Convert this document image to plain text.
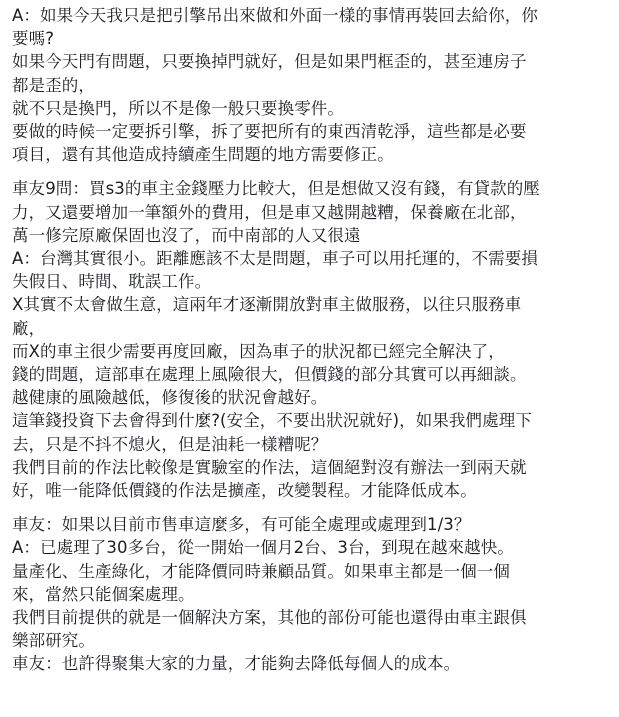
A：如果今天我只是把引擎吊出來做和外面一樣的事情再裝回去給你，你
要嗎?
如果今天門有問題，只要換掉門就好，但是如果門框歪的，甚至連房子
都是歪的，
就不只是換門，所以不是像一般只要換零件。
要做的時候一定要拆引擎，拆了要把所有的東西清乾淨，這些都是必要
項目，還有其他造成持續產生問題的地方需要修正。
車友9問：買s3的車主金錢壓力比較大，但是想做又沒有錢，有貸款的壓
力，又還要增加一筆額外的費用，但是車又越開越糟，保養廠在北部，
萬一修完原廠保固也沒了，而中南部的人又很遠
A：台灣其實很小。距離應該不太是問題，車子可以用托運的，不需要損
失假日、時間、耽誤工作。
X其實不太會做生意，這兩年才逐漸開放對車主做服務，以往只服務車
廠，
而X的車主很少需要再度回廠，因為車子的狀況都已經完全解決了，
錢的問題，這部車在處理上風險很大，但價錢的部分其實可以再細談。
越健康的風險越低，修復後的狀況會越好。
這筆錢投資下去會得到什麼?(安全，不要出狀況就好)，如果我們處理下
去，只是不抖不熄火，但是油耗一樣糟呢？
我們目前的作法比較像是實驗室的作法，這個絕對沒有辦法一到兩天就
好，唯一能降低價錢的作法是擴產，改變製程。才能降低成本。
車友：如果以目前市售車這麼多，有可能全處理或處理到1/3？
A：已處理了30多台，從一開始一個月2台、3台，到現在越來越快。
量產化、生產綠化，才能降價同時兼顧品質。如果車主都是一個一個
來，當然只能個案處理。
我們目前提供的就是一個解決方案，其他的部份可能也還得由車主跟俱
樂部研究。
車友：也許得聚集大家的力量，才能夠去降低每個人的成本。
